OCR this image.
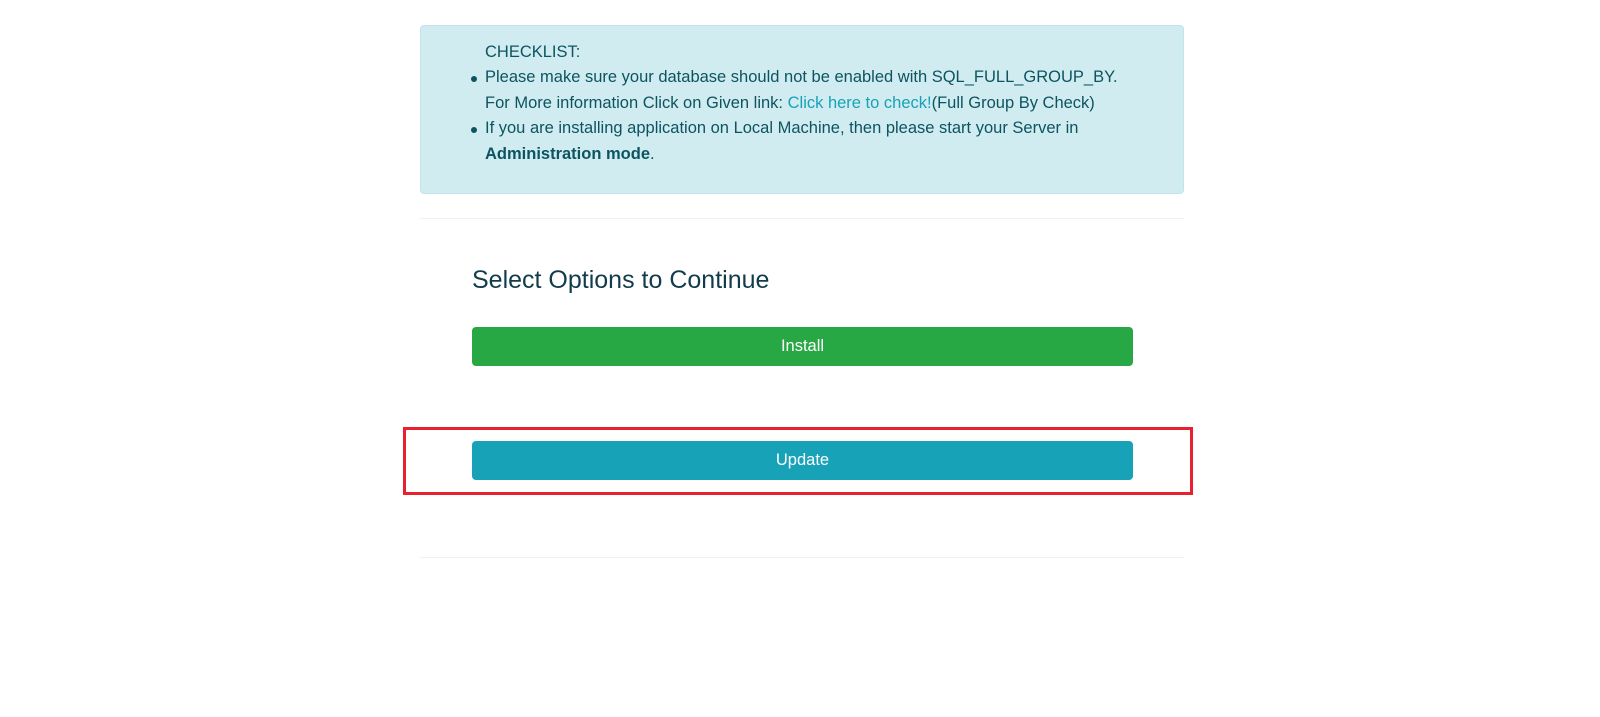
CHECKLIST:

Please make sure your database should not be enabled with SQL_FULL_GROUP_BY.
For More information Click on Given link: Click here to check!(Full Group By Check)
If you are installing application on Local Machine, then please start your Server in Administration mode.
Select Options to Continue
Install
Update
